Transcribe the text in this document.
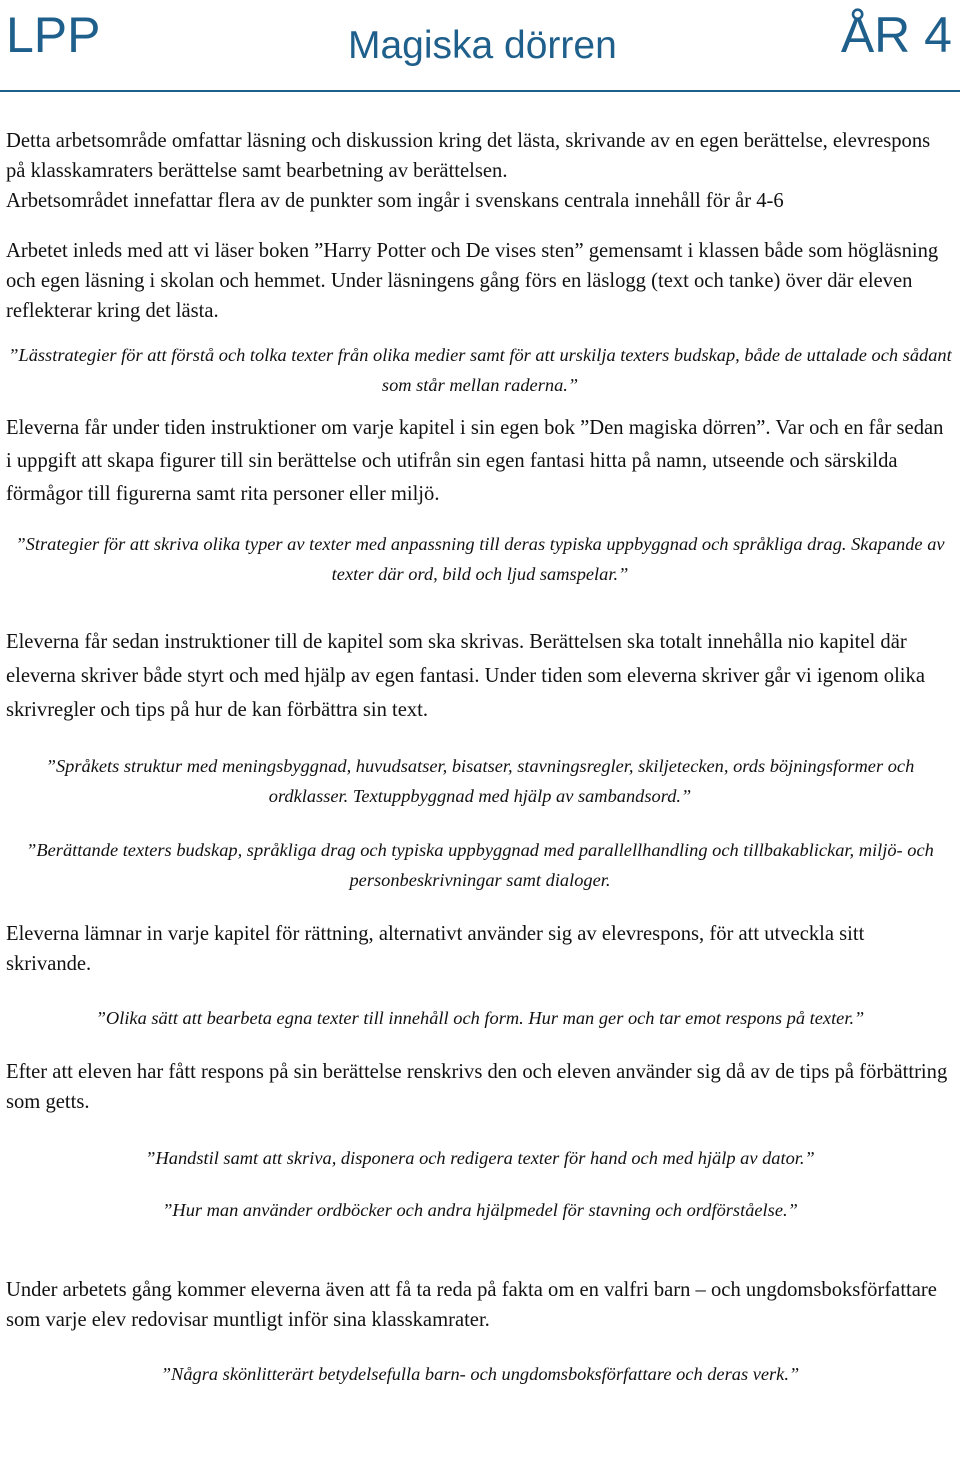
LPP	Magiska dörren	ÅR 4

Detta arbetsområde omfattar läsning och diskussion kring det lästa, skrivande av en egen berättelse, elevrespons på klasskamraters berättelse samt bearbetning av berättelsen.

Arbetsområdet innefattar flera av de punkter som ingår i svenskans centrala innehåll för år 4-6

Arbetet inleds med att vi läser boken ”Harry Potter och De vises sten” gemensamt i klassen både som högläsning och egen läsning i skolan och hemmet. Under läsningens gång förs en läslogg (text och tanke) över där eleven reflekterar kring det lästa.

”Lässtrategier för att förstå och tolka texter från olika medier samt för att urskilja texters budskap, både de uttalade och sådant som står mellan raderna.”

Eleverna får under tiden instruktioner om varje kapitel i sin egen bok ”Den magiska dörren”. Var och en får sedan i uppgift att skapa figurer till sin berättelse och utifrån sin egen fantasi hitta på namn, utseende och särskilda förmågor till figurerna samt rita personer eller miljö.

”Strategier för att skriva olika typer av texter med anpassning till deras typiska uppbyggnad och språkliga drag. Skapande av texter där ord, bild och ljud samspelar.”

Eleverna får sedan instruktioner till de kapitel som ska skrivas. Berättelsen ska totalt innehålla nio kapitel där eleverna skriver både styrt och med hjälp av egen fantasi. Under tiden som eleverna skriver går vi igenom olika skrivregler och tips på hur de kan förbättra sin text.

”Språkets struktur med meningsbyggnad, huvudsatser, bisatser, stavningsregler, skiljetecken, ords böjningsformer och ordklasser. Textuppbyggnad med hjälp av sambandsord.”

”Berättande texters budskap, språkliga drag och typiska uppbyggnad med parallellhandling och tillbakablickar, miljö- och personbeskrivningar samt dialoger.

Eleverna lämnar in varje kapitel för rättning, alternativt använder sig av elevrespons, för att utveckla sitt skrivande.

”Olika sätt att bearbeta egna texter till innehåll och form. Hur man ger och tar emot respons på texter.”

Efter att eleven har fått respons på sin berättelse renskrivs den och eleven använder sig då av de tips på förbättring som getts.

”Handstil samt att skriva, disponera och redigera texter för hand och med hjälp av dator.”

”Hur man använder ordböcker och andra hjälpmedel för stavning och ordförståelse.”

Under arbetets gång kommer eleverna även att få ta reda på fakta om en valfri barn – och ungdomsboksförfattare som varje elev redovisar muntligt inför sina klasskamrater.

”Några skönlitterärt betydelsefulla barn- och ungdomsboksförfattare och deras verk.”
